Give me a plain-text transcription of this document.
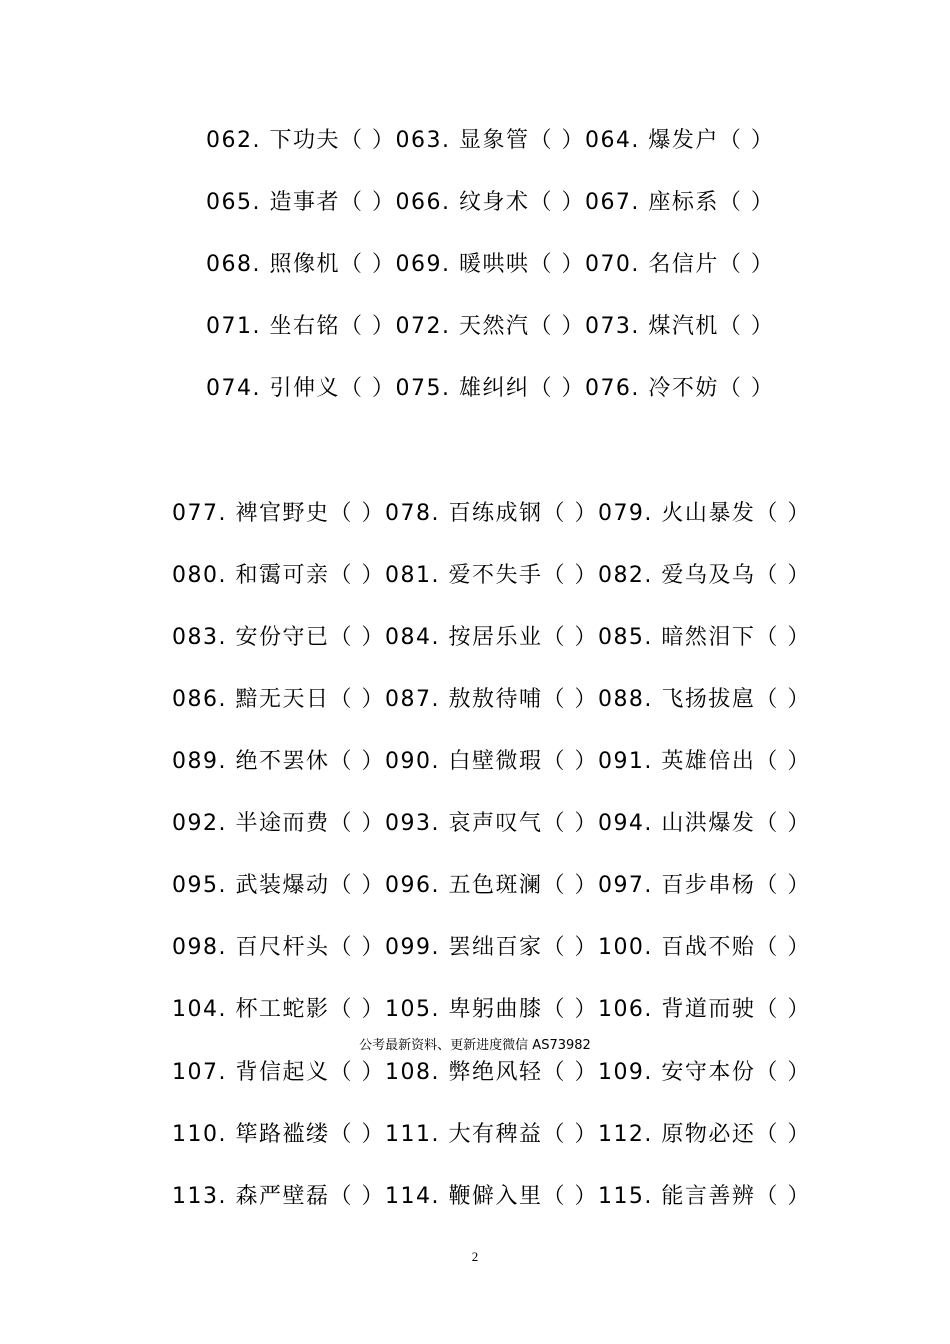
062. 下功夫（ ）063. 显象管（ ）064. 爆发户（ ）
065. 造事者（ ）066. 纹身术（ ）067. 座标系（ ）
068. 照像机（ ）069. 暖哄哄（ ）070. 名信片（ ）
071. 坐右铭（ ）072. 天然汽（ ）073. 煤汽机（ ）
074. 引伸义（ ）075. 雄纠纠（ ）076. 冷不妨（ ）
077. 裨官野史（ ）078. 百练成钢（ ）079. 火山暴发（ ）
080. 和霭可亲（ ）081. 爱不失手（ ）082. 爱乌及乌（ ）
083. 安份守已（ ）084. 按居乐业（ ）085. 暗然泪下（ ）
086. 黯无天日（ ）087. 敖敖待哺（ ）088. 飞扬拔扈（ ）
089. 绝不罢休（ ）090. 白壁微瑕（ ）091. 英雄倍出（ ）
092. 半途而费（ ）093. 哀声叹气（ ）094. 山洪爆发（ ）
095. 武装爆动（ ）096. 五色斑澜（ ）097. 百步串杨（ ）
098. 百尺杆头（ ）099. 罢绌百家（ ）100. 百战不贻（ ）
104. 杯工蛇影（ ）105. 卑躬曲膝（ ）106. 背道而驶（ ）
107. 背信起义（ ）108. 弊绝风轻（ ）109. 安守本份（ ）
110. 筚路褴缕（ ）111. 大有稗益（ ）112. 原物必还（ ）
113. 森严壁磊（ ）114. 鞭僻入里（ ）115. 能言善辨（ ）
公考最新资料、更新进度微信 AS73982
2
